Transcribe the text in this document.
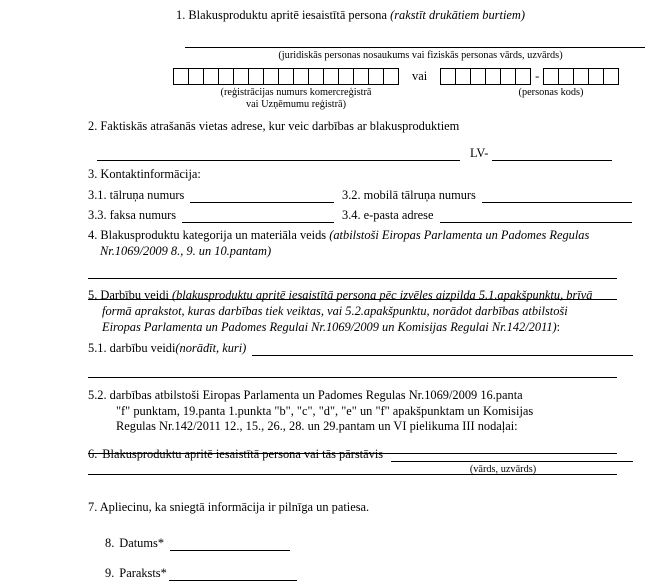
1. Blakusproduktu apritē iesaistītā persona (rakstīt drukātiem burtiem)
(juridiskās personas nosaukums vai fiziskās personas vārds, uzvārds)
vai	-
(reģistrācijas numurs komercreģistrā
vai Uzņēmumu reģistrā)
(personas kods)
2. Faktiskās atrašanās vietas adrese, kur veic darbības ar blakusproduktiem
LV-
3. Kontaktinformācija:
3.1. tālruņa numurs	3.2. mobilā tālruņa numurs
3.3. faksa numurs	3.4. e-pasta adrese
4. Blakusproduktu kategorija un materiāla veids (atbilstoši Eiropas Parlamenta un Padomes Regulas
Nr.1069/2009 8., 9. un 10.pantam)
5. Darbību veidi (blakusproduktu apritē iesaistītā persona pēc izvēles aizpilda 5.1.apakšpunktu, brīvā
formā aprakstot, kuras darbības tiek veiktas, vai 5.2.apakšpunktu, norādot darbības atbilstoši
Eiropas Parlamenta un Padomes Regulai Nr.1069/2009 un Komisijas Regulai Nr.142/2011):
5.1. darbību veidi (norādīt, kuri)
5.2. darbības atbilstoši Eiropas Parlamenta un Padomes Regulas Nr.1069/2009 16.panta
"f" punktam, 19.panta 1.punkta "b", "c", "d", "e" un "f" apakšpunktam un Komisijas
Regulas Nr.142/2011 12., 15., 26., 28. un 29.pantam un VI pielikuma III nodaļai:
6. Blakusproduktu apritē iesaistītā persona vai tās pārstāvis
(vārds, uzvārds)
7. Apliecinu, ka sniegtā informācija ir pilnīga un patiesa.
8. Datums*
9. Paraksts*
